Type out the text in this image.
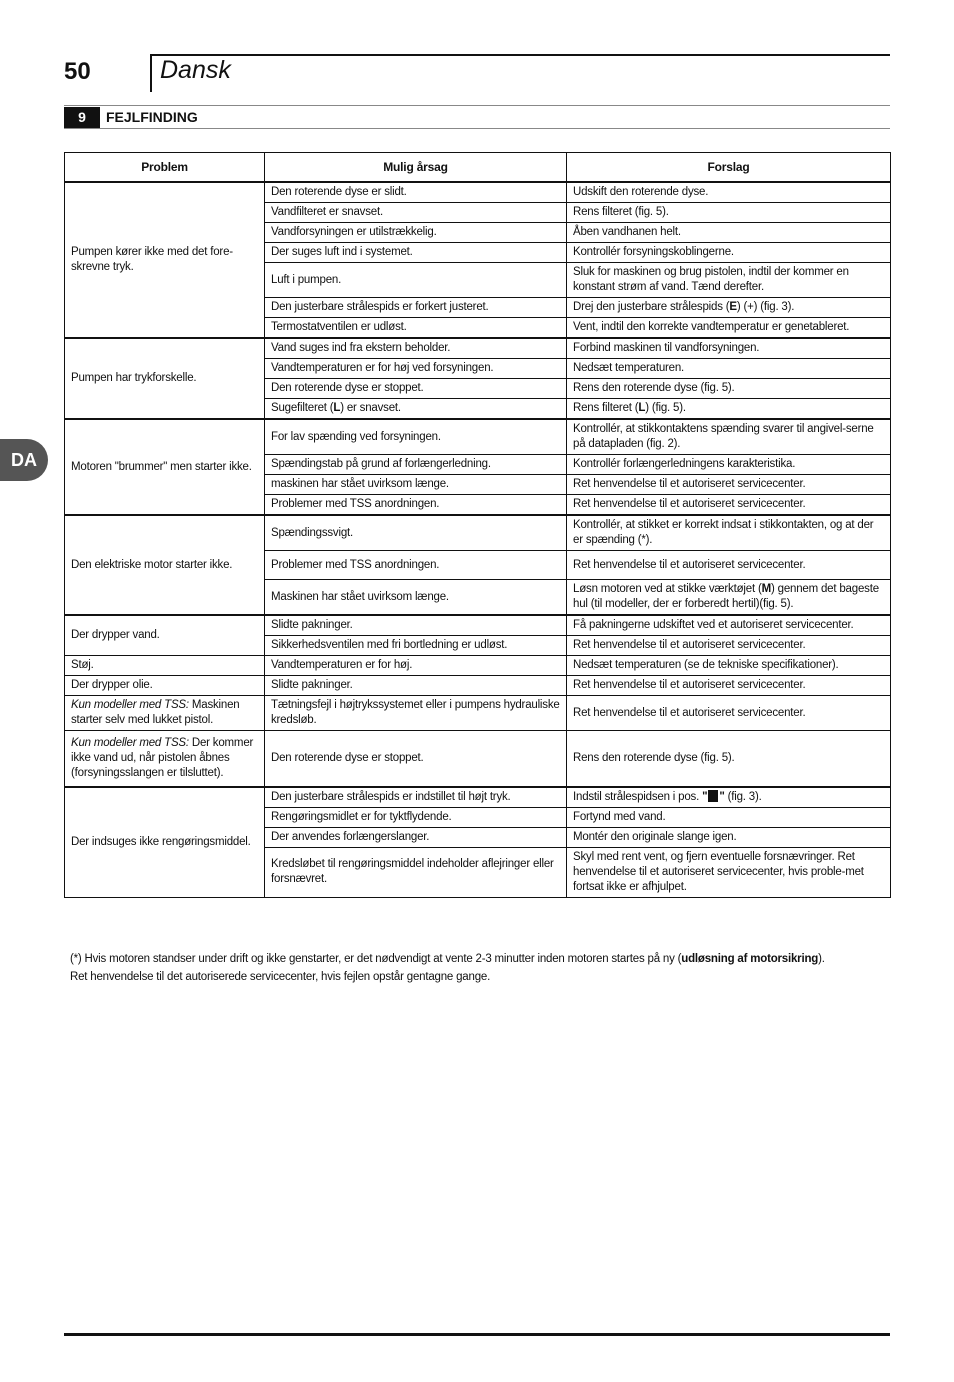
50	Dansk
9	FEJLFINDING
DA
Problem	Mulig årsag	Forslag
Pumpen kører ikke med det fore-skrevne tryk.	Den roterende dyse er slidt.	Udskift den roterende dyse.
	Vandfilteret er snavset.	Rens filteret (fig. 5).
	Vandforsyningen er utilstrækkelig.	Åben vandhanen helt.
	Der suges luft ind i systemet.	Kontrollér forsyningskoblingerne.
	Luft i pumpen.	Sluk for maskinen og brug pistolen, indtil der kommer en konstant strøm af vand. Tænd derefter.
	Den justerbare strålespids er forkert justeret.	Drej den justerbare strålespids (E) (+) (fig. 3).
	Termostatventilen er udløst.	Vent, indtil den korrekte vandtemperatur er genetableret.
Pumpen har trykforskelle.	Vand suges ind fra ekstern beholder.	Forbind maskinen til vandforsyningen.
	Vandtemperaturen er for høj ved forsyningen.	Nedsæt temperaturen.
	Den roterende dyse er stoppet.	Rens den roterende dyse (fig. 5).
	Sugefilteret (L) er snavset.	Rens filteret (L) (fig. 5).
Motoren "brummer" men starter ikke.	For lav spænding ved forsyningen.	Kontrollér, at stikkontaktens spænding svarer til angivel-serne på datapladen (fig. 2).
	Spændingstab på grund af forlængerledning.	Kontrollér forlængerledningens karakteristika.
	maskinen har stået uvirksom længe.	Ret henvendelse til et autoriseret servicecenter.
	Problemer med TSS anordningen.	Ret henvendelse til et autoriseret servicecenter.
Den elektriske motor starter ikke.	Spændingssvigt.	Kontrollér, at stikket er korrekt indsat i stikkontakten, og at der er spænding (*).
	Problemer med TSS anordningen.	Ret henvendelse til et autoriseret servicecenter.
	Maskinen har stået uvirksom længe.	Løsn motoren ved at stikke værktøjet (M) gennem det bageste hul (til modeller, der er forberedt hertil)(fig. 5).
Der drypper vand.	Slidte pakninger.	Få pakningerne udskiftet ved et autoriseret servicecenter.
	Sikkerhedsventilen med fri bortledning er udløst.	Ret henvendelse til et autoriseret servicecenter.
Støj.	Vandtemperaturen er for høj.	Nedsæt temperaturen (se de tekniske specifikationer).
Der drypper olie.	Slidte pakninger.	Ret henvendelse til et autoriseret servicecenter.
Kun modeller med TSS: Maskinen starter selv med lukket pistol.	Tætningsfejl i højtrykssystemet eller i pumpens hydrauliske kredsløb.	Ret henvendelse til et autoriseret servicecenter.
Kun modeller med TSS: Der kommer ikke vand ud, når pistolen åbnes (forsyningsslangen er tilsluttet).	Den roterende dyse er stoppet.	Rens den roterende dyse (fig. 5).
Der indsuges ikke rengøringsmiddel.	Den justerbare strålespids er indstillet til højt tryk.	Indstil strålespidsen i pos. " " (fig. 3).
	Rengøringsmidlet er for tyktflydende.	Fortynd med vand.
	Der anvendes forlængerslanger.	Montér den originale slange igen.
	Kredsløbet til rengøringsmiddel indeholder aflejringer eller forsnævret.	Skyl med rent vent, og fjern eventuelle forsnævringer. Ret henvendelse til et autoriseret servicecenter, hvis proble-met fortsat ikke er afhjulpet.
(*) Hvis motoren standser under drift og ikke genstarter, er det nødvendigt at vente 2-3 minutter inden motoren startes på ny (udløsning af motorsikring).
Ret henvendelse til det autoriserede servicecenter, hvis fejlen opstår gentagne gange.
